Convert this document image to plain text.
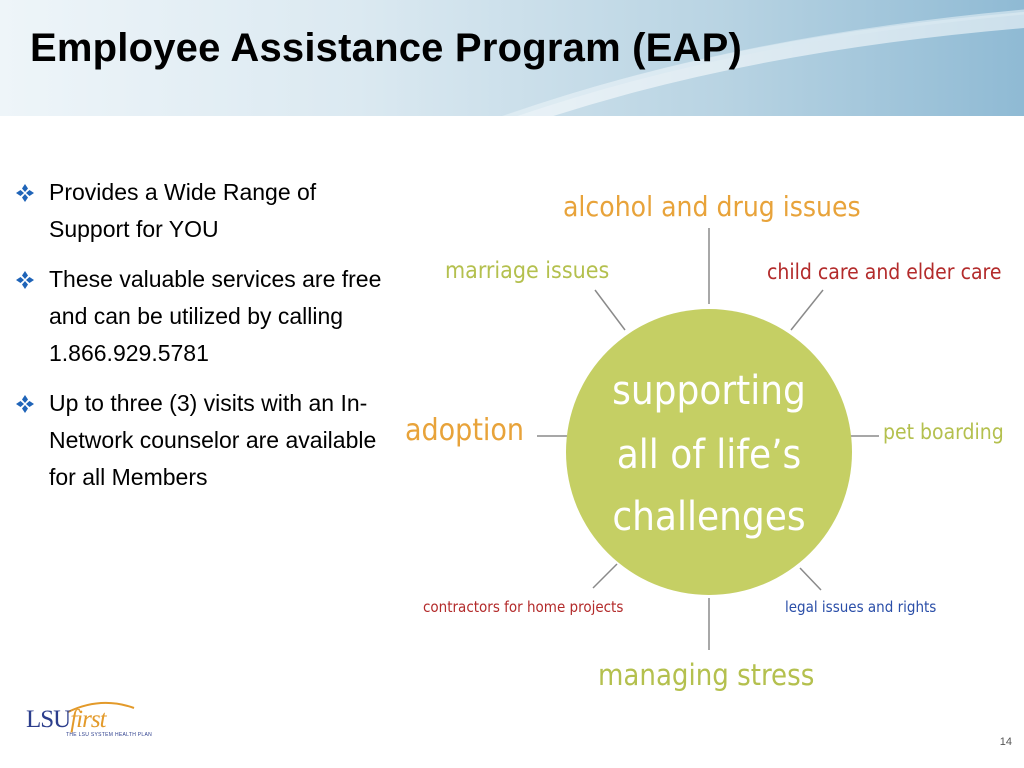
Employee Assistance Program (EAP)
Provides a Wide Range of Support for YOU
These valuable services are free and can be utilized by calling 1.866.929.5781
Up to three (3) visits with an In-Network counselor are available for all Members
supporting
all of life’s
challenges
alcohol and drug issues
marriage issues	child care and elder care
adoption	pet boarding
contractors for home projects	legal issues and rights
managing stress
LSUfirst
THE LSU SYSTEM HEALTH PLAN
14
